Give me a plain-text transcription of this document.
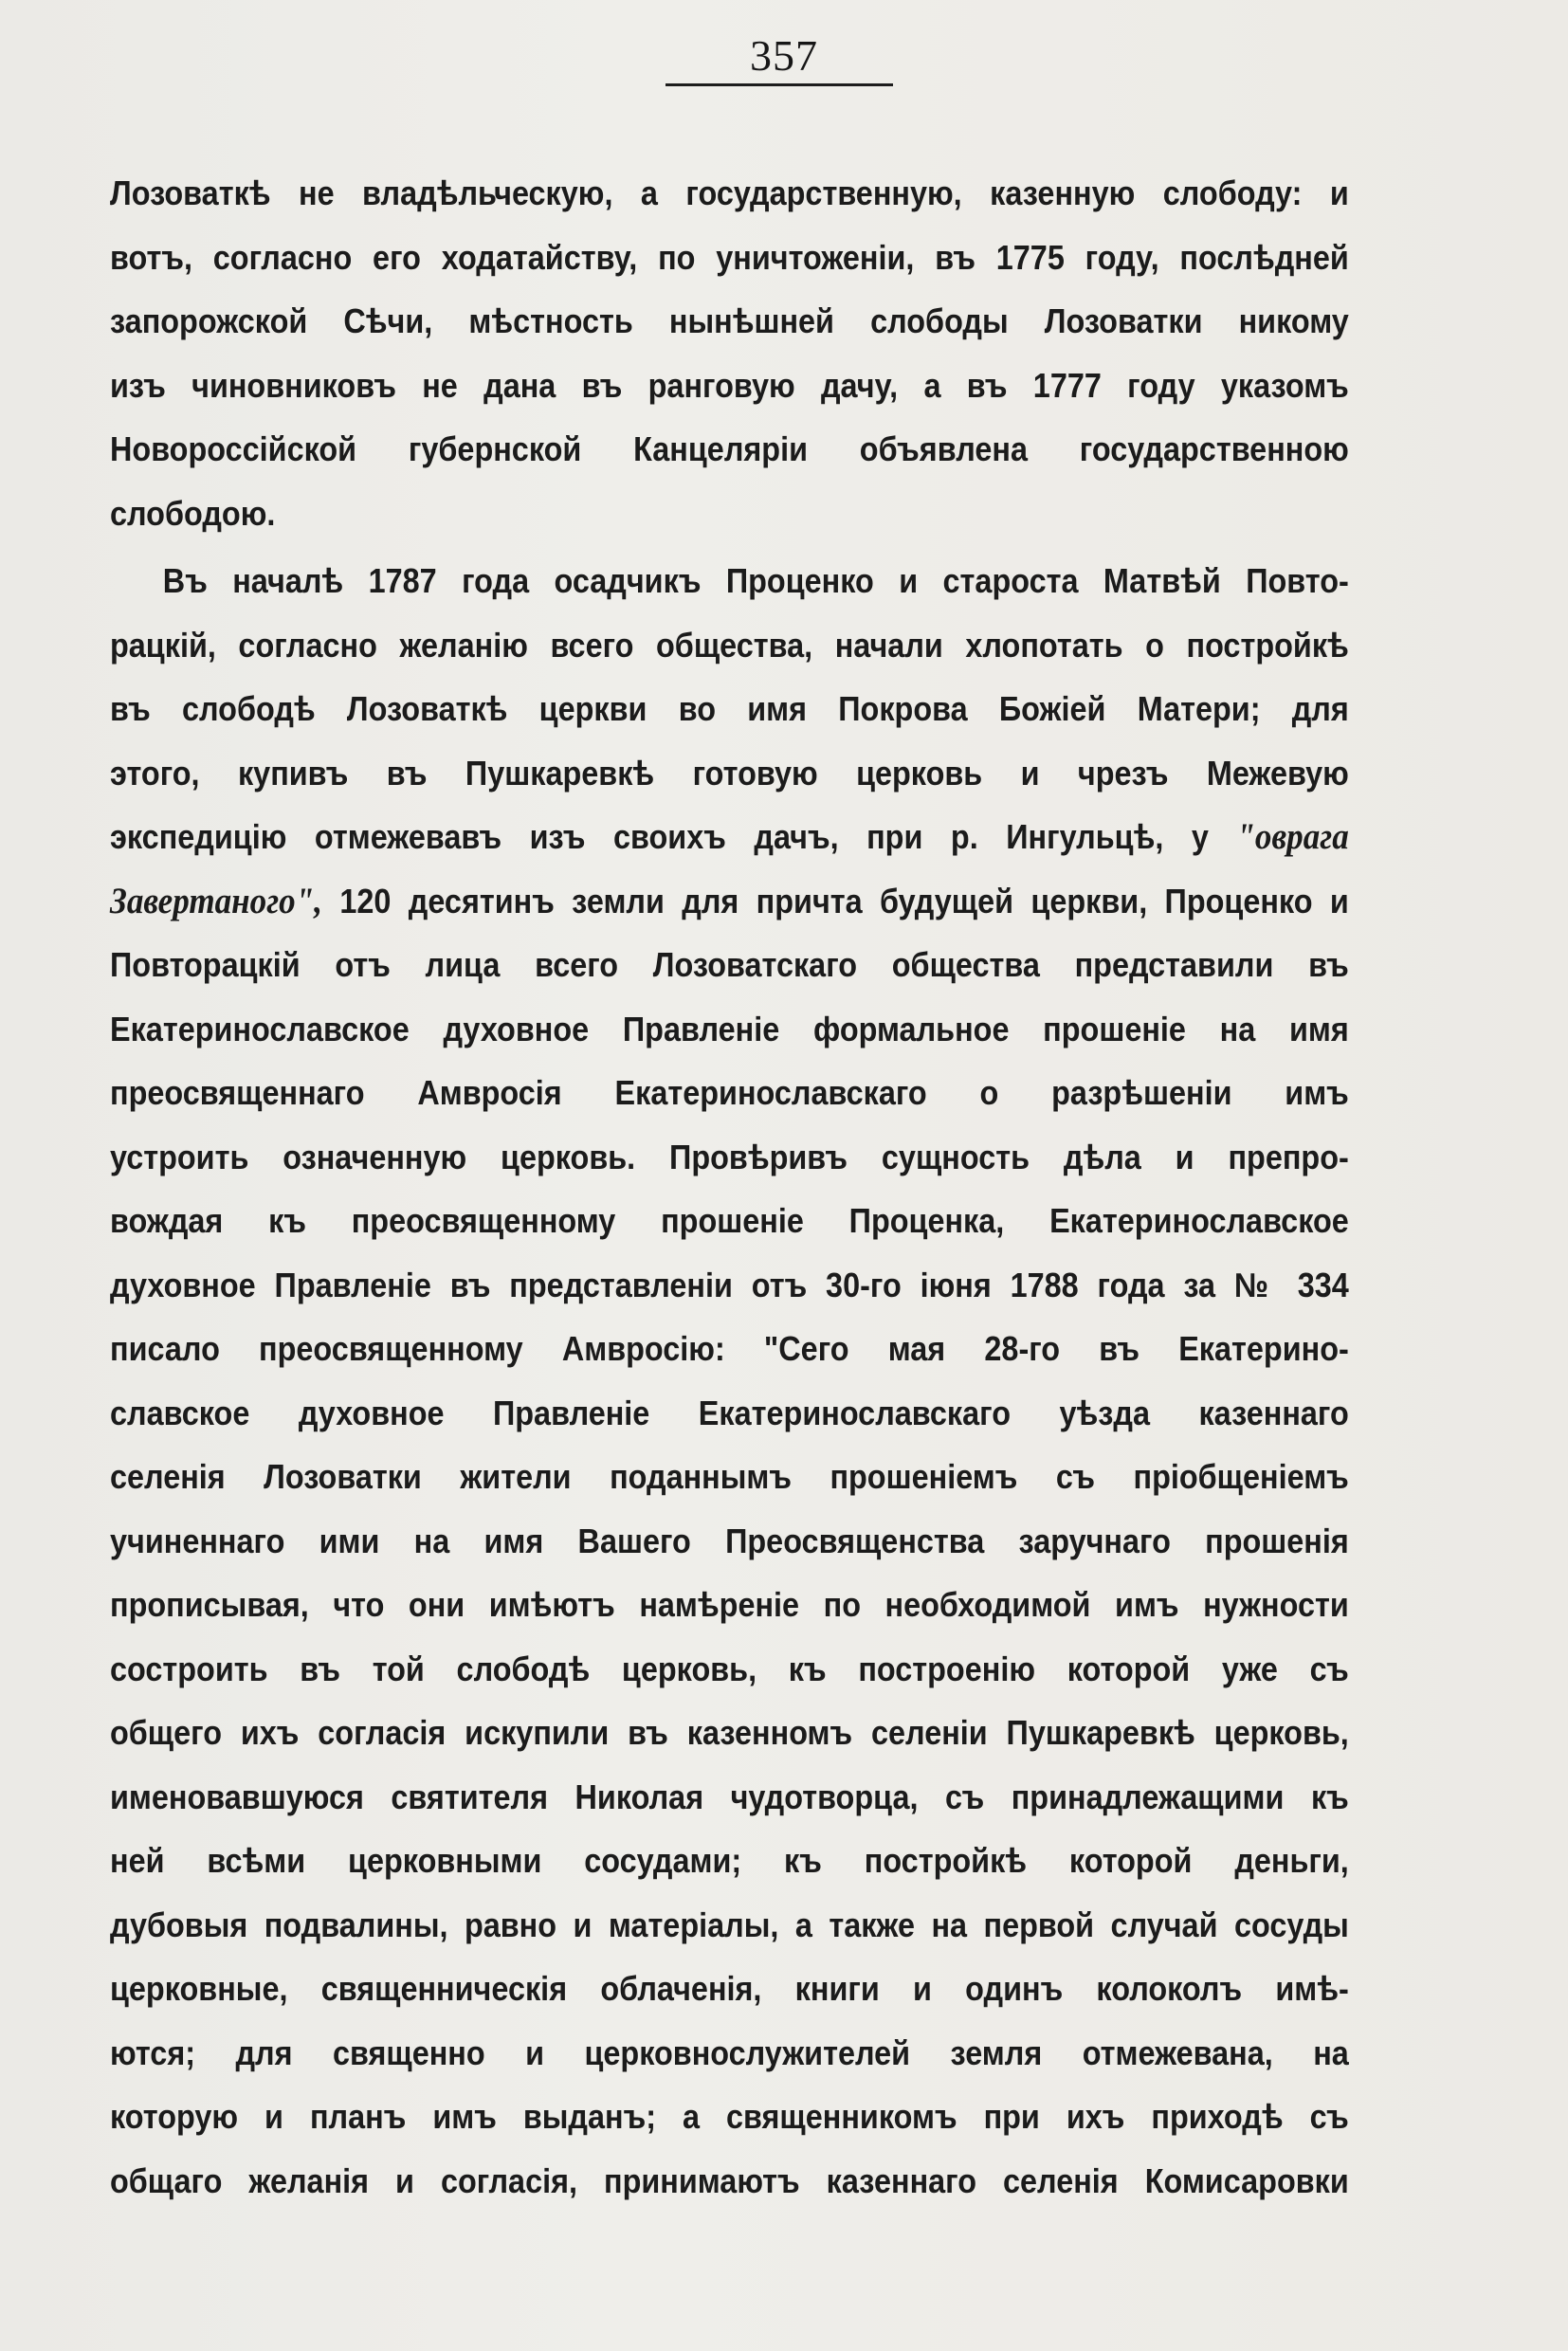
357
Лозоваткѣ не владѣльческую, а государственную, казенную слободу: и
вотъ, согласно его ходатайству, по уничтоженіи, въ 1775 году, послѣдней
запорожской Сѣчи, мѣстность нынѣшней слободы Лозоватки никому
изъ чиновниковъ не дана въ ранговую дачу, а въ 1777 году указомъ
Новороссійской губернской Канцеляріи объявлена государственною
слободою.
Въ началѣ 1787 года осадчикъ Проценко и староста Матвѣй Повто-
рацкій, согласно желанію всего общества, начали хлопотать о постройкѣ
въ слободѣ Лозоваткѣ церкви во имя Покрова Божіей Матери; для
этого, купивъ въ Пушкаревкѣ готовую церковь и чрезъ Межевую
экспедицію отмежевавъ изъ своихъ дачъ, при р. Ингульцѣ, у "оврага
Завертаного", 120 десятинъ земли для причта будущей церкви, Проценко и
Повторацкій отъ лица всего Лозоватскаго общества представили въ
Екатеринославское духовное Правленіе формальное прошеніе на имя
преосвященнаго Амвросія Екатеринославскаго о разрѣшеніи имъ
устроить означенную церковь. Провѣривъ сущность дѣла и препро-
вождая къ преосвященному прошеніе Проценка, Екатеринославское
духовное Правленіе въ представленіи отъ 30-го іюня 1788 года за № 334
писало преосвященному Амвросію: "Сего мая 28-го въ Екатерино-
славское духовное Правленіе Екатеринославскаго уѣзда казеннаго
селенія Лозоватки жители поданнымъ прошеніемъ съ пріобщеніемъ
учиненнаго ими на имя Вашего Преосвященства заручнаго прошенія
прописывая, что они имѣютъ намѣреніе по необходимой имъ нужности
состроить въ той слободѣ церковь, къ построенію которой уже съ
общего ихъ согласія искупили въ казенномъ селеніи Пушкаревкѣ церковь,
именовавшуюся святителя Николая чудотворца, съ принадлежащими къ
ней всѣми церковными сосудами; къ постройкѣ которой деньги,
дубовыя подвалины, равно и матеріалы, а также на первой случай сосуды
церковные, священническія облаченія, книги и одинъ колоколъ имѣ-
ются; для священно и церковнослужителей земля отмежевана, на
которую и планъ имъ выданъ; а священникомъ при ихъ приходѣ съ
общаго желанія и согласія, принимаютъ казеннаго селенія Комисаровки
